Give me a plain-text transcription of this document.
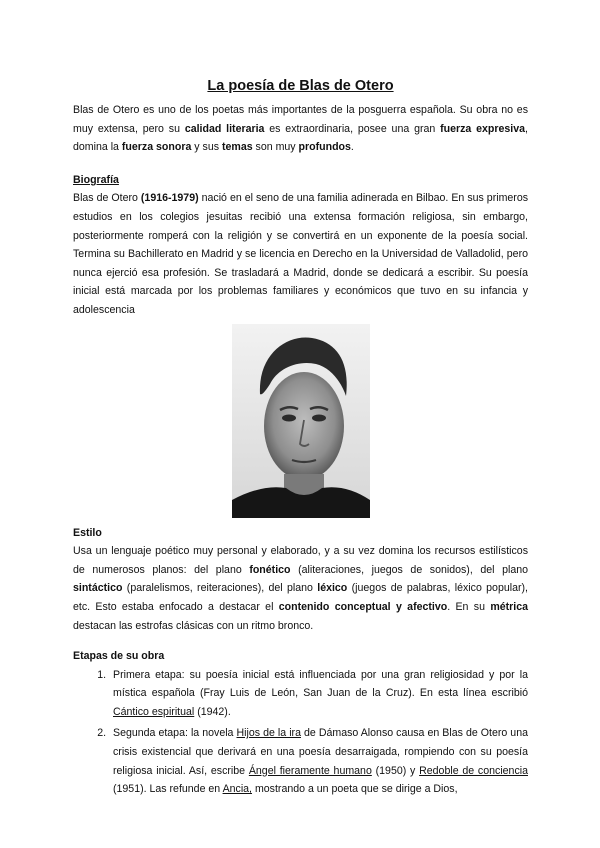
La poesía de Blas de Otero

Blas de Otero es uno de los poetas más importantes de la posguerra española. Su obra no es muy extensa, pero su calidad literaria es extraordinaria, posee una gran fuerza expresiva, domina la fuerza sonora y sus temas son muy profundos.

Biografía

Blas de Otero (1916-1979) nació en el seno de una familia adinerada en Bilbao. En sus primeros estudios en los colegios jesuitas recibió una extensa formación religiosa, sin embargo, posteriormente romperá con la religión y se convertirá en un exponente de la poesía social. Termina su Bachillerato en Madrid y se licencia en Derecho en la Universidad de Valladolid, pero nunca ejerció esa profesión. Se trasladará a Madrid, donde se dedicará a escribir. Su poesía inicial está marcada por los problemas familiares y económicos que tuvo en su infancia y adolescencia

Estilo

Usa un lenguaje poético muy personal y elaborado, y a su vez domina los recursos estilísticos de numerosos planos: del plano fonético (aliteraciones, juegos de sonidos), del plano sintáctico (paralelismos, reiteraciones), del plano léxico (juegos de palabras, léxico popular), etc. Esto estaba enfocado a destacar el contenido conceptual y afectivo. En su métrica destacan las estrofas clásicas con un ritmo bronco.

Etapas de su obra

1. Primera etapa: su poesía inicial está influenciada por una gran religiosidad y por la mística española (Fray Luis de León, San Juan de la Cruz). En esta línea escribió Cántico espiritual (1942).
2. Segunda etapa: la novela Hijos de la ira de Dámaso Alonso causa en Blas de Otero una crisis existencial que derivará en una poesía desarraigada, rompiendo con su poesía religiosa inicial. Así, escribe Ángel fieramente humano (1950) y Redoble de conciencia (1951). Las refunde en Ancia, mostrando a un poeta que se dirige a Dios,
